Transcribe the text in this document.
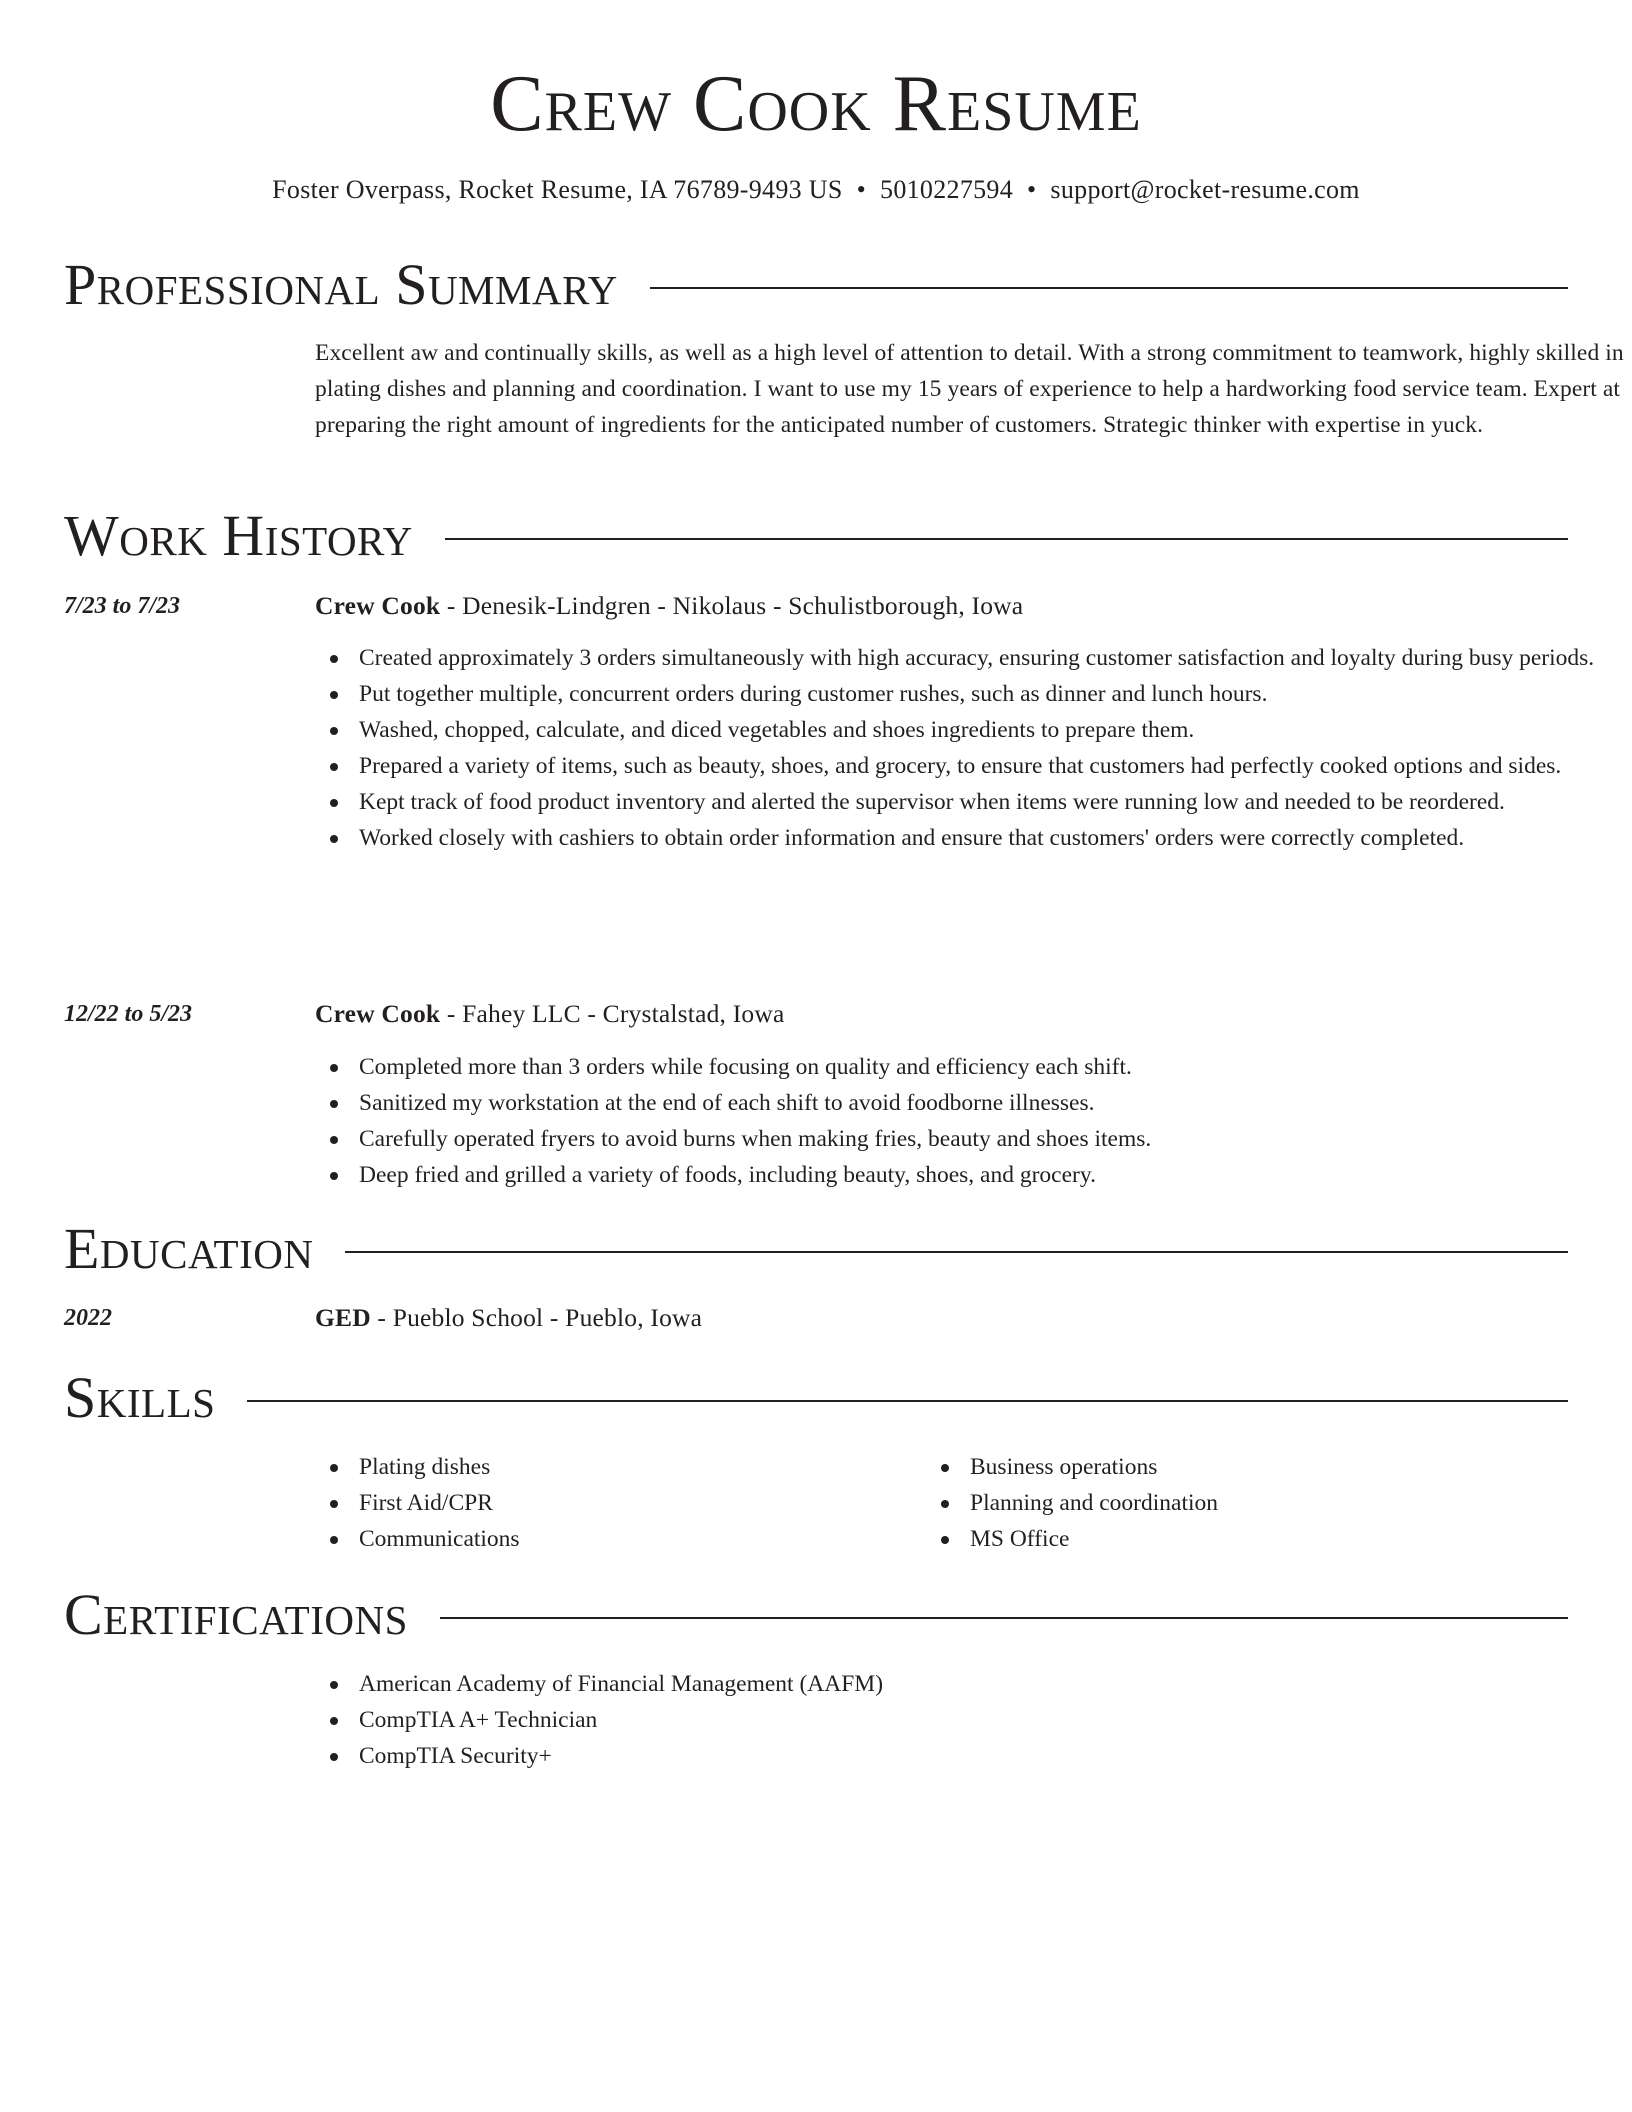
Crew Cook Resume
Foster Overpass, Rocket Resume, IA 76789-9493 US • 5010227594 • support@rocket-resume.com
Professional Summary

Excellent aw and continually skills, as well as a high level of attention to detail. With a strong commitment to teamwork, highly skilled in plating dishes and planning and coordination. I want to use my 15 years of experience to help a hardworking food service team. Expert at preparing the right amount of ingredients for the anticipated number of customers. Strategic thinker with expertise in yuck.

Work History
7/23 to 7/23	Crew Cook - Denesik-Lindgren - Nikolaus - Schulistborough, Iowa
Created approximately 3 orders simultaneously with high accuracy, ensuring customer satisfaction and loyalty during busy periods.
Put together multiple, concurrent orders during customer rushes, such as dinner and lunch hours.
Washed, chopped, calculate, and diced vegetables and shoes ingredients to prepare them.
Prepared a variety of items, such as beauty, shoes, and grocery, to ensure that customers had perfectly cooked options and sides.
Kept track of food product inventory and alerted the supervisor when items were running low and needed to be reordered.
Worked closely with cashiers to obtain order information and ensure that customers' orders were correctly completed.
12/22 to 5/23	Crew Cook - Fahey LLC - Crystalstad, Iowa
Completed more than 3 orders while focusing on quality and efficiency each shift.
Sanitized my workstation at the end of each shift to avoid foodborne illnesses.
Carefully operated fryers to avoid burns when making fries, beauty and shoes items.
Deep fried and grilled a variety of foods, including beauty, shoes, and grocery.
Education
2022	GED - Pueblo School - Pueblo, Iowa
Skills
Plating dishes
First Aid/CPR
Communications
Business operations
Planning and coordination
MS Office
Certifications
American Academy of Financial Management (AAFM)
CompTIA A+ Technician
CompTIA Security+
